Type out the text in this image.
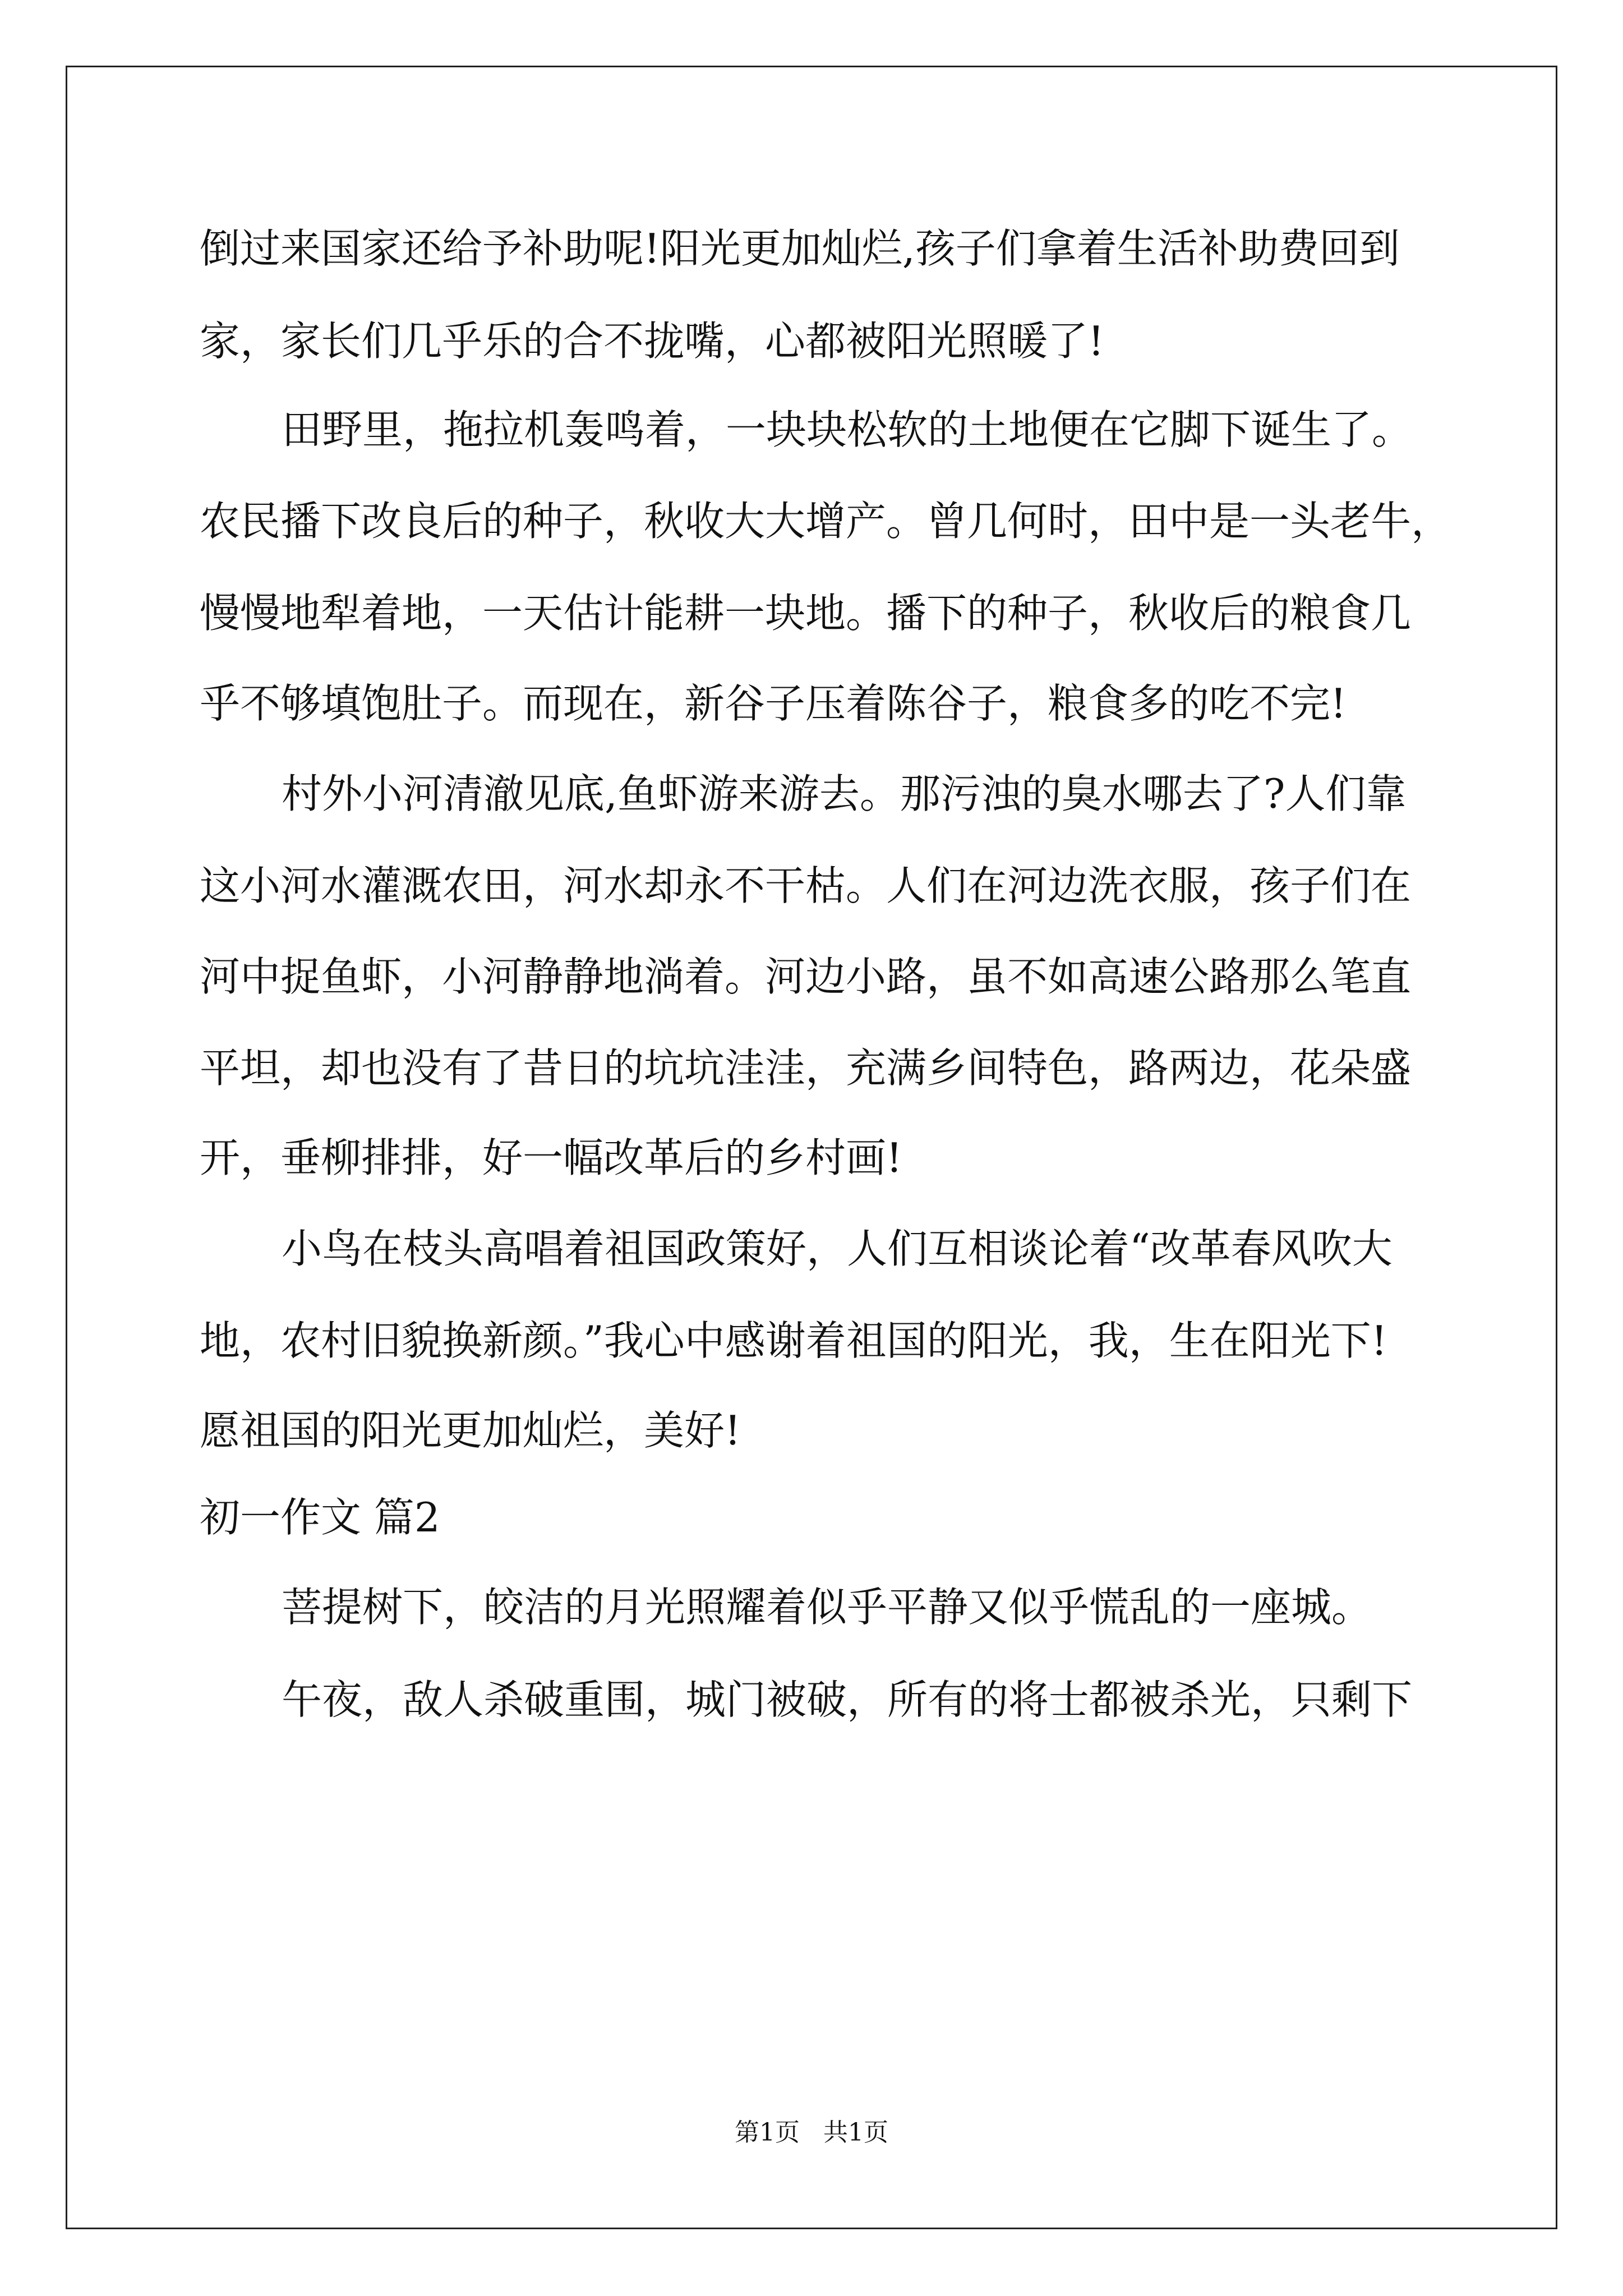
倒过来国家还给予补助呢!阳光更加灿烂,孩子们拿着生活补助费回到
家，家长们几乎乐的合不拢嘴，心都被阳光照暖了!
田野里，拖拉机轰鸣着，一块块松软的土地便在它脚下诞生了。
农民播下改良后的种子，秋收大大增产。曾几何时，田中是一头老牛，
慢慢地犁着地，一天估计能耕一块地。播下的种子，秋收后的粮食几
乎不够填饱肚子。而现在，新谷子压着陈谷子，粮食多的吃不完!
村外小河清澈见底,鱼虾游来游去。那污浊的臭水哪去了?人们靠
这小河水灌溉农田，河水却永不干枯。人们在河边洗衣服，孩子们在
河中捉鱼虾，小河静静地淌着。河边小路，虽不如高速公路那么笔直
平坦，却也没有了昔日的坑坑洼洼，充满乡间特色，路两边，花朵盛
开，垂柳排排，好一幅改革后的乡村画!
小鸟在枝头高唱着祖国政策好，人们互相谈论着“改革春风吹大
地，农村旧貌换新颜。”我心中感谢着祖国的阳光，我，生在阳光下!
愿祖国的阳光更加灿烂，美好!
初一作文 篇2
菩提树下，皎洁的月光照耀着似乎平静又似乎慌乱的一座城。
午夜，敌人杀破重围，城门被破，所有的将士都被杀光，只剩下
第1页   共1页
